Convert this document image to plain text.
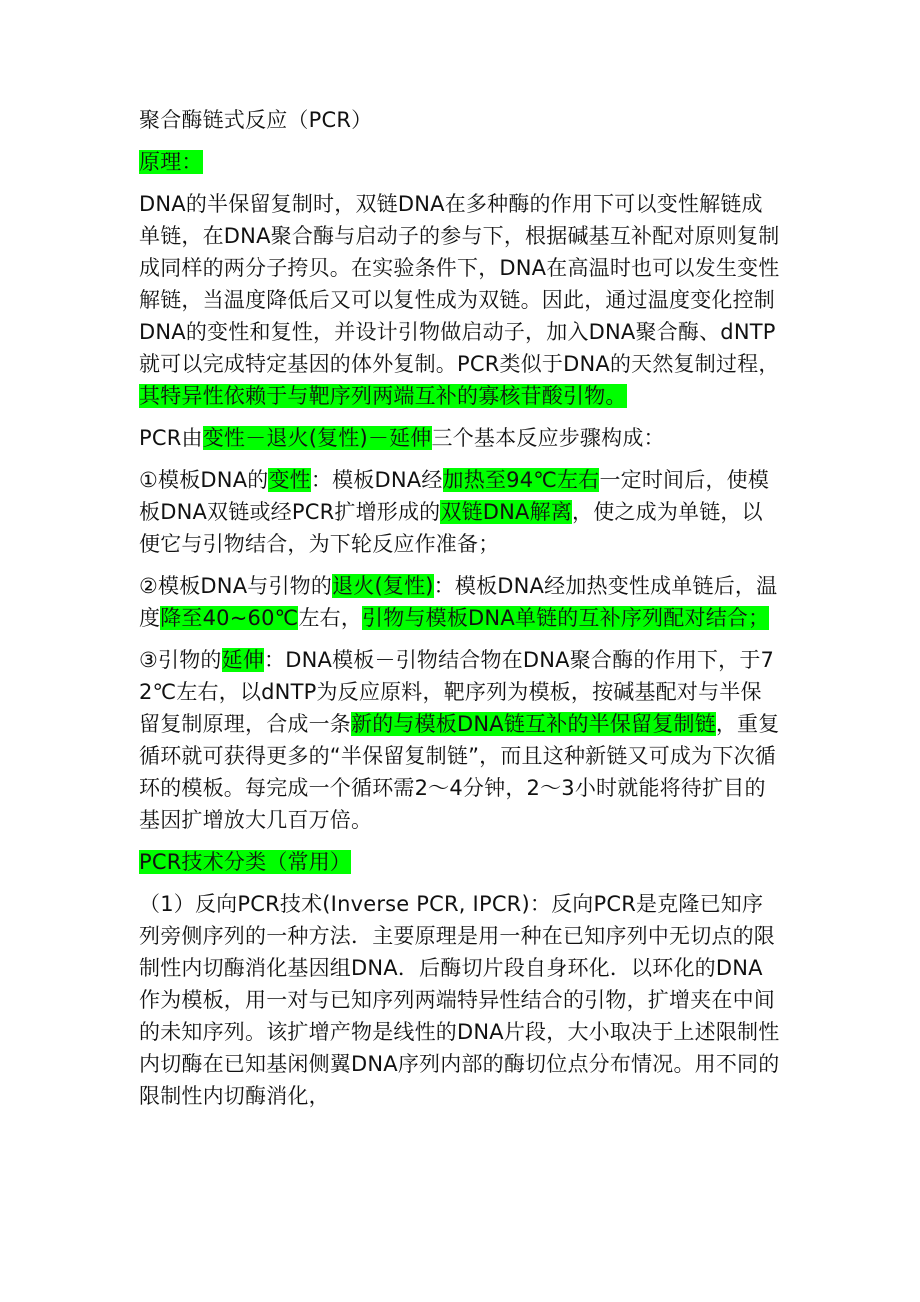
聚合酶链式反应（PCR）

原理：

DNA的半保留复制时，双链DNA在多种酶的作用下可以变性解链成单链，在DNA聚合酶与启动子的参与下，根据碱基互补配对原则复制成同样的两分子挎贝。在实验条件下，DNA在高温时也可以发生变性解链，当温度降低后又可以复性成为双链。因此，通过温度变化控制DNA的变性和复性，并设计引物做启动子，加入DNA聚合酶、dNTP就可以完成特定基因的体外复制。PCR类似于DNA的天然复制过程，其特异性依赖于与靶序列两端互补的寡核苷酸引物。

PCR由变性－退火(复性)－延伸三个基本反应步骤构成：

①模板DNA的变性：模板DNA经加热至94℃左右一定时间后，使模板DNA双链或经PCR扩增形成的双链DNA解离，使之成为单链，以便它与引物结合，为下轮反应作准备；

②模板DNA与引物的退火(复性)：模板DNA经加热变性成单链后，温度降至40~60℃左右，引物与模板DNA单链的互补序列配对结合；

③引物的延伸：DNA模板－引物结合物在DNA聚合酶的作用下，于72℃左右，以dNTP为反应原料，靶序列为模板，按碱基配对与半保留复制原理，合成一条新的与模板DNA链互补的半保留复制链，重复循环就可获得更多的“半保留复制链”，而且这种新链又可成为下次循环的模板。每完成一个循环需2～4分钟，2～3小时就能将待扩目的基因扩增放大几百万倍。

PCR技术分类（常用）

（1）反向PCR技术(Inverse PCR, IPCR)：反向PCR是克隆已知序列旁侧序列的一种方法．主要原理是用一种在已知序列中无切点的限制性内切酶消化基因组DNA．后酶切片段自身环化．以环化的DNA作为模板，用一对与已知序列两端特异性结合的引物，扩增夹在中间的未知序列。该扩增产物是线性的DNA片段，大小取决于上述限制性内切酶在已知基闲侧翼DNA序列内部的酶切位点分布情况。用不同的限制性内切酶消化，
